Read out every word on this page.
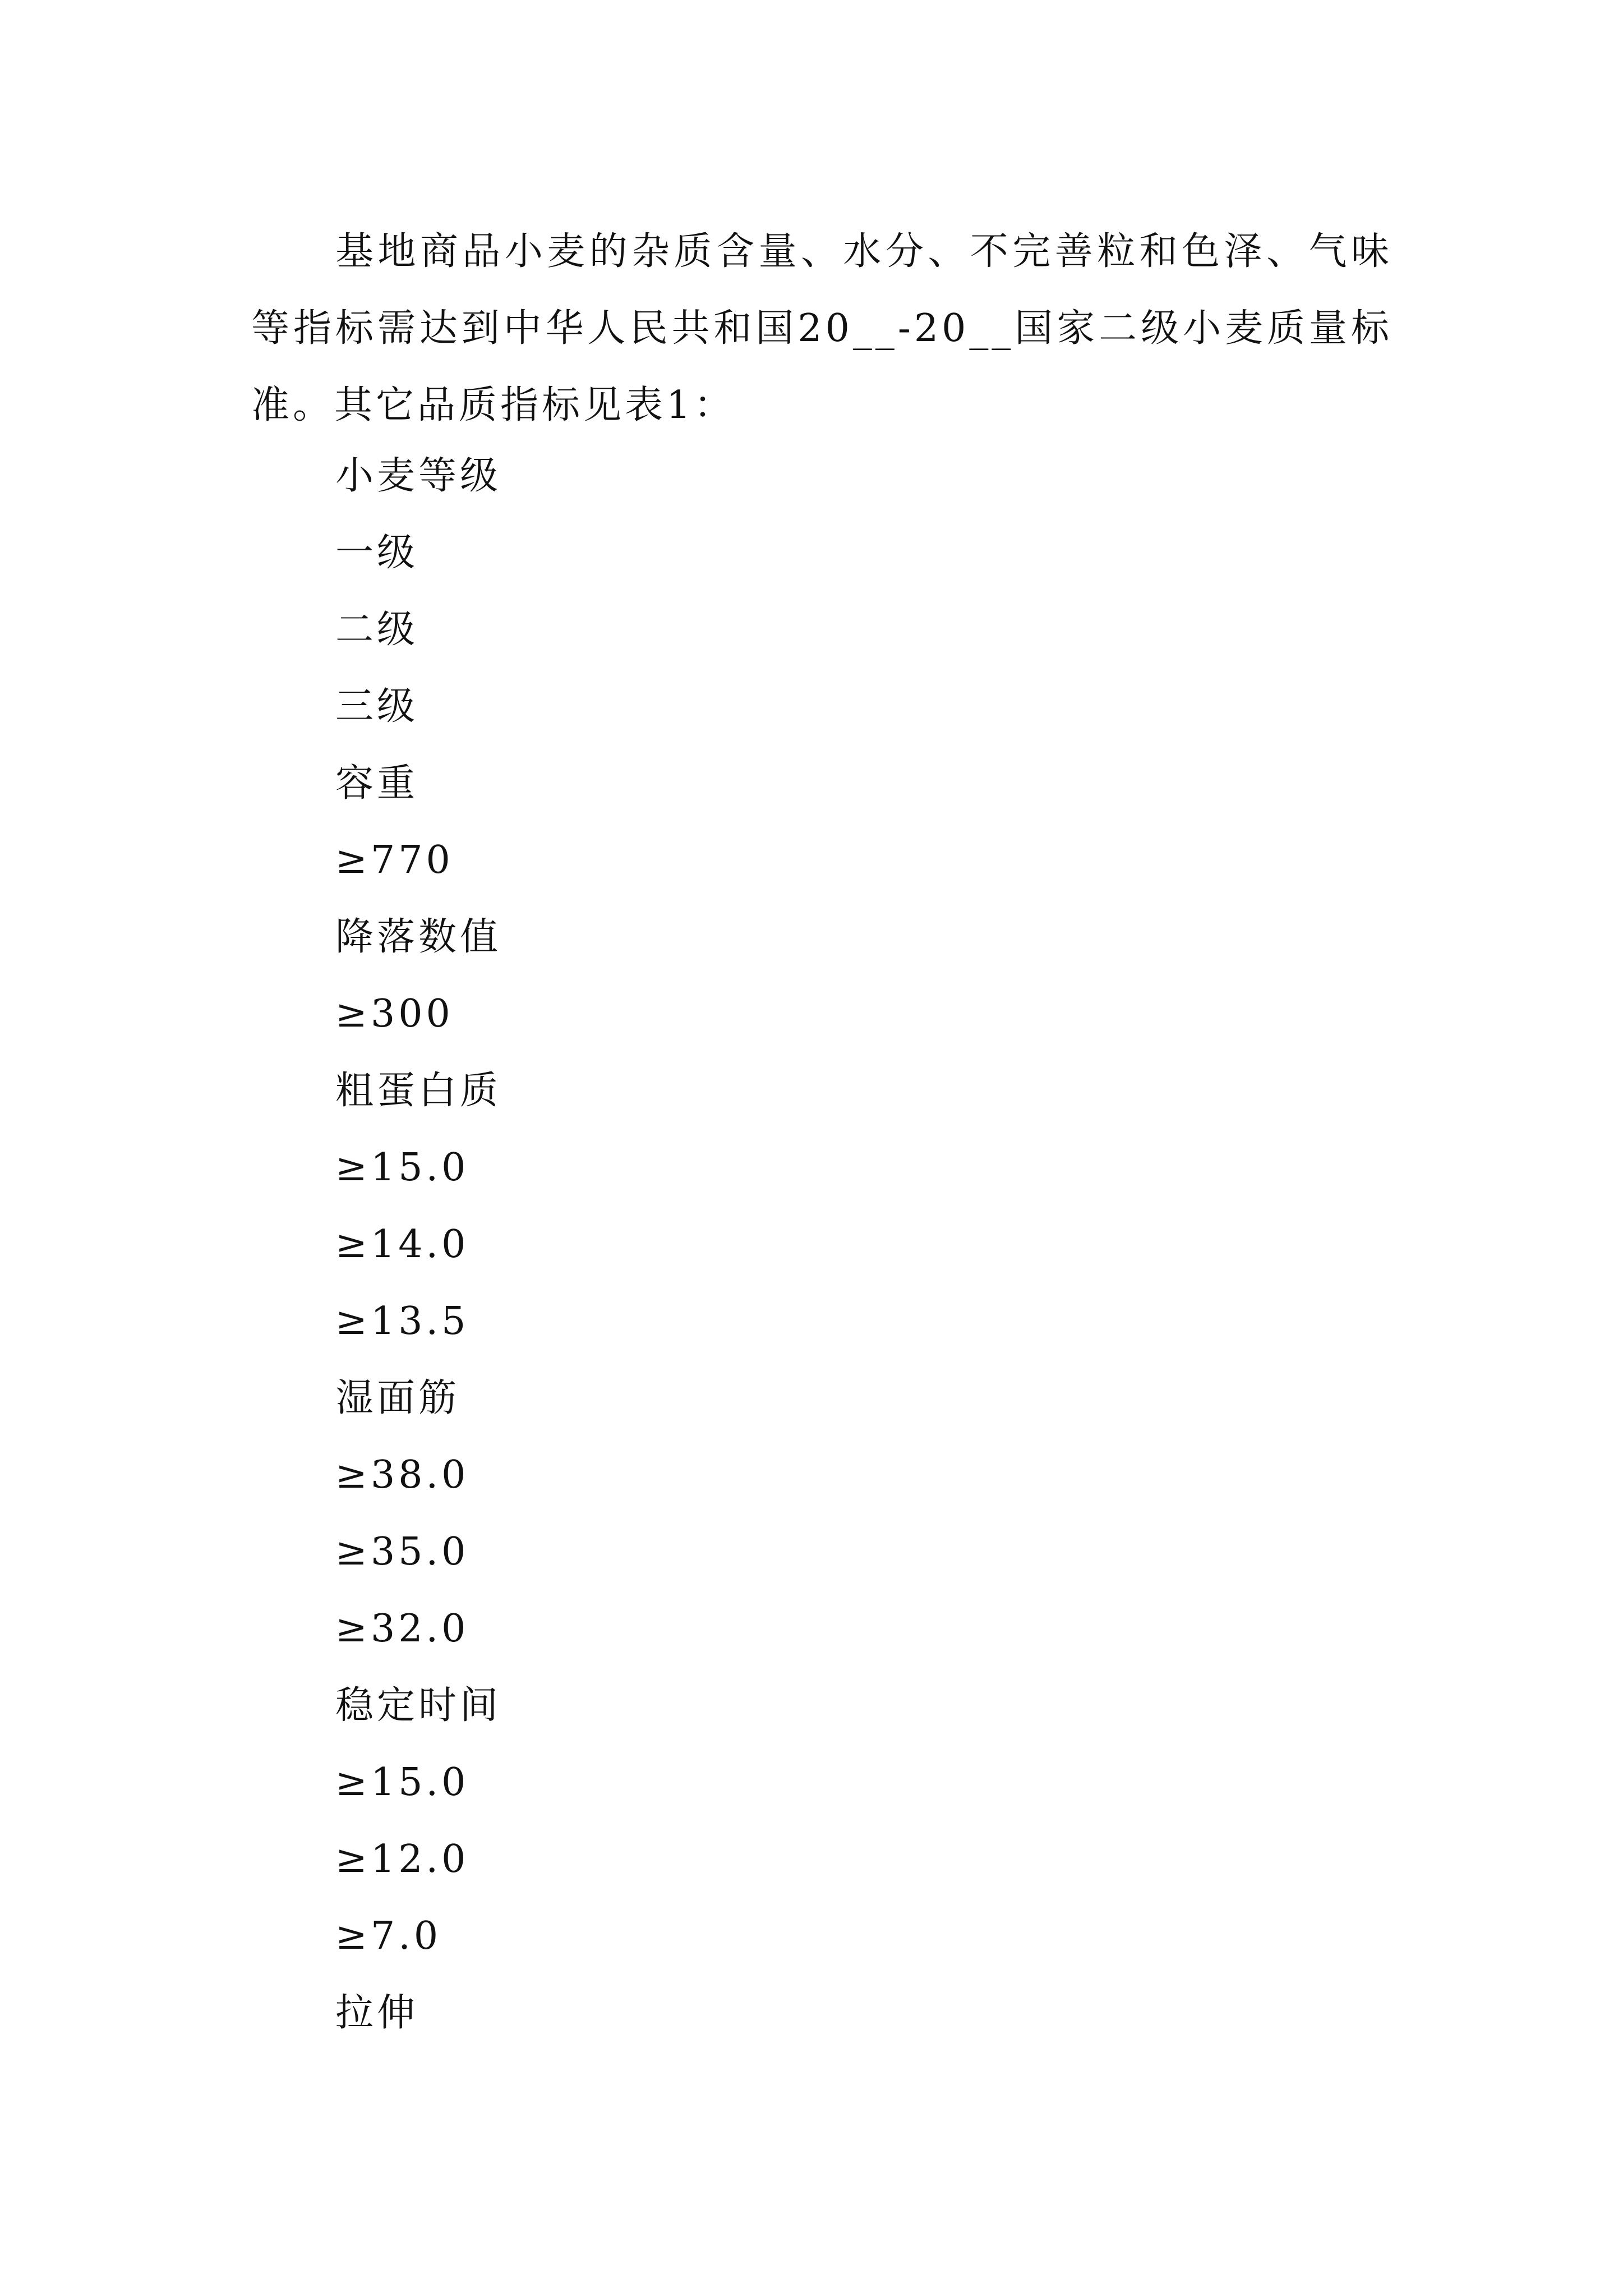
基地商品小麦的杂质含量、水分、不完善粒和色泽、气味等指标需达到中华人民共和国20__-20__国家二级小麦质量标准。其它品质指标见表1：

小麦等级
一级
二级
三级
容重
≥770
降落数值
≥300
粗蛋白质
≥15.0
≥14.0
≥13.5
湿面筋
≥38.0
≥35.0
≥32.0
稳定时间
≥15.0
≥12.0
≥7.0
拉伸
